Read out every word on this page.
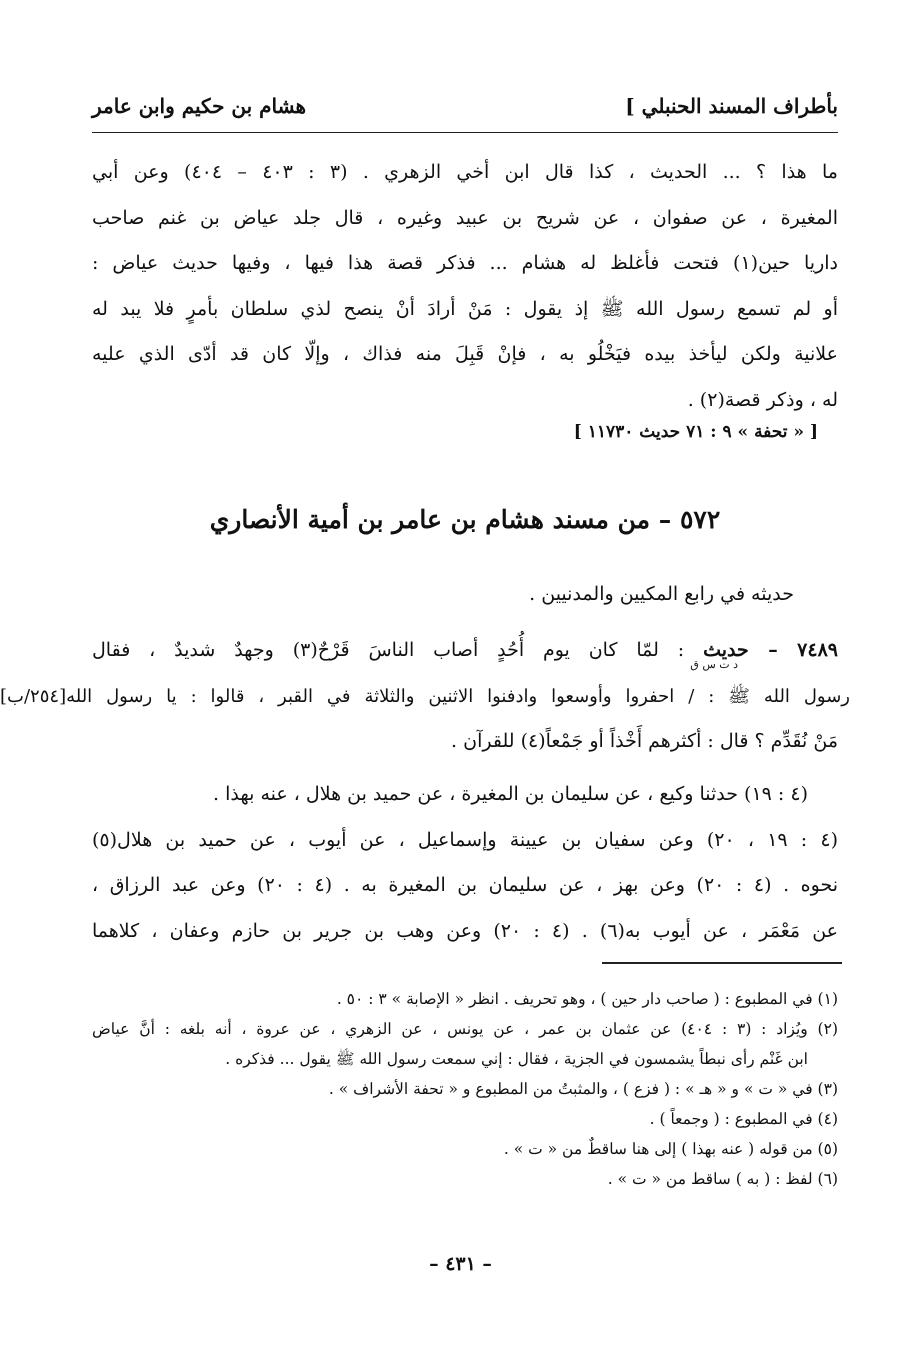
بأطراف المسند الحنبلي ]
هشام بن حكيم وابن عامر
ما هذا ؟ ... الحديث ، كذا قال ابن أخي الزهري . (٣ : ٤٠٣ – ٤٠٤) وعن أبي
المغيرة ، عن صفوان ، عن شريح بن عبيد وغيره ، قال جلد عياض بن غنم صاحب
داريا حين(١) فتحت فأغلظ له هشام ... فذكر قصة هذا فيها ، وفيها حديث عياض :
أو لم تسمع رسول الله ﷺ إذ يقول : مَنْ أرادَ أنْ ينصح لذي سلطان بأمرٍ فلا يبد له
علانية ولكن ليأخذ بيده فيَخْلُو به ، فإنْ قَبِلَ منه فذاك ، وإلّا كان قد أدّى الذي عليه
له ، وذكر قصة(٢) .
[ « تحفة » ٩ : ٧١ حديث ١١٧٣٠ ]
٥٧٢ – من مسند هشام بن عامر بن أمية الأنصاري
حديثه في رابع المكيين والمدنيين .
٧٤٨٩ – حديث : لمّا كان يوم أُحُدٍ أصاب الناسَ قَرْحٌ(٣) وجهدٌ شديدٌ ، فقال
د ت س ق
رسول الله ﷺ : / احفروا وأوسعوا وادفنوا الاثنين والثلاثة في القبر ، قالوا : يا رسول الله[٢٥٤/ب]
مَنْ نُقَدِّم ؟ قال : أكثرهم أَخْذاً أو جَمْعاً(٤) للقرآن .
(٤ : ١٩) حدثنا وكيع ، عن سليمان بن المغيرة ، عن حميد بن هلال ، عنه بهذا .
(٤ : ١٩ ، ٢٠) وعن سفيان بن عيينة وإسماعيل ، عن أيوب ، عن حميد بن هلال(٥)
نحوه . (٤ : ٢٠) وعن بهز ، عن سليمان بن المغيرة به . (٤ : ٢٠) وعن عبد الرزاق ،
عن مَعْمَر ، عن أيوب به(٦) . (٤ : ٢٠) وعن وهب بن جرير بن حازم وعفان ، كلاهما
(١) في المطبوع : ( صاحب دار حين ) ، وهو تحريف . انظر « الإصابة » ٣ : ٥٠ .
(٢) ويُزاد : (٣ : ٤٠٤) عن عثمان بن عمر ، عن يونس ، عن الزهري ، عن عروة ، أنه بلغه : أنَّ عياض
ابن غَنْم رأى نبطاً يشمسون في الجزية ، فقال : إني سمعت رسول الله ﷺ يقول ... فذكره .
(٣) في « ت » و « هـ » : ( فزع ) ، والمثبتُ من المطبوع و « تحفة الأشراف » .
(٤) في المطبوع : ( وجمعاً ) .
(٥) من قوله ( عنه بهذا ) إلى هنا ساقطٌ من « ت » .
(٦) لفظ : ( به ) ساقط من « ت » .
– ٤٣١ –
